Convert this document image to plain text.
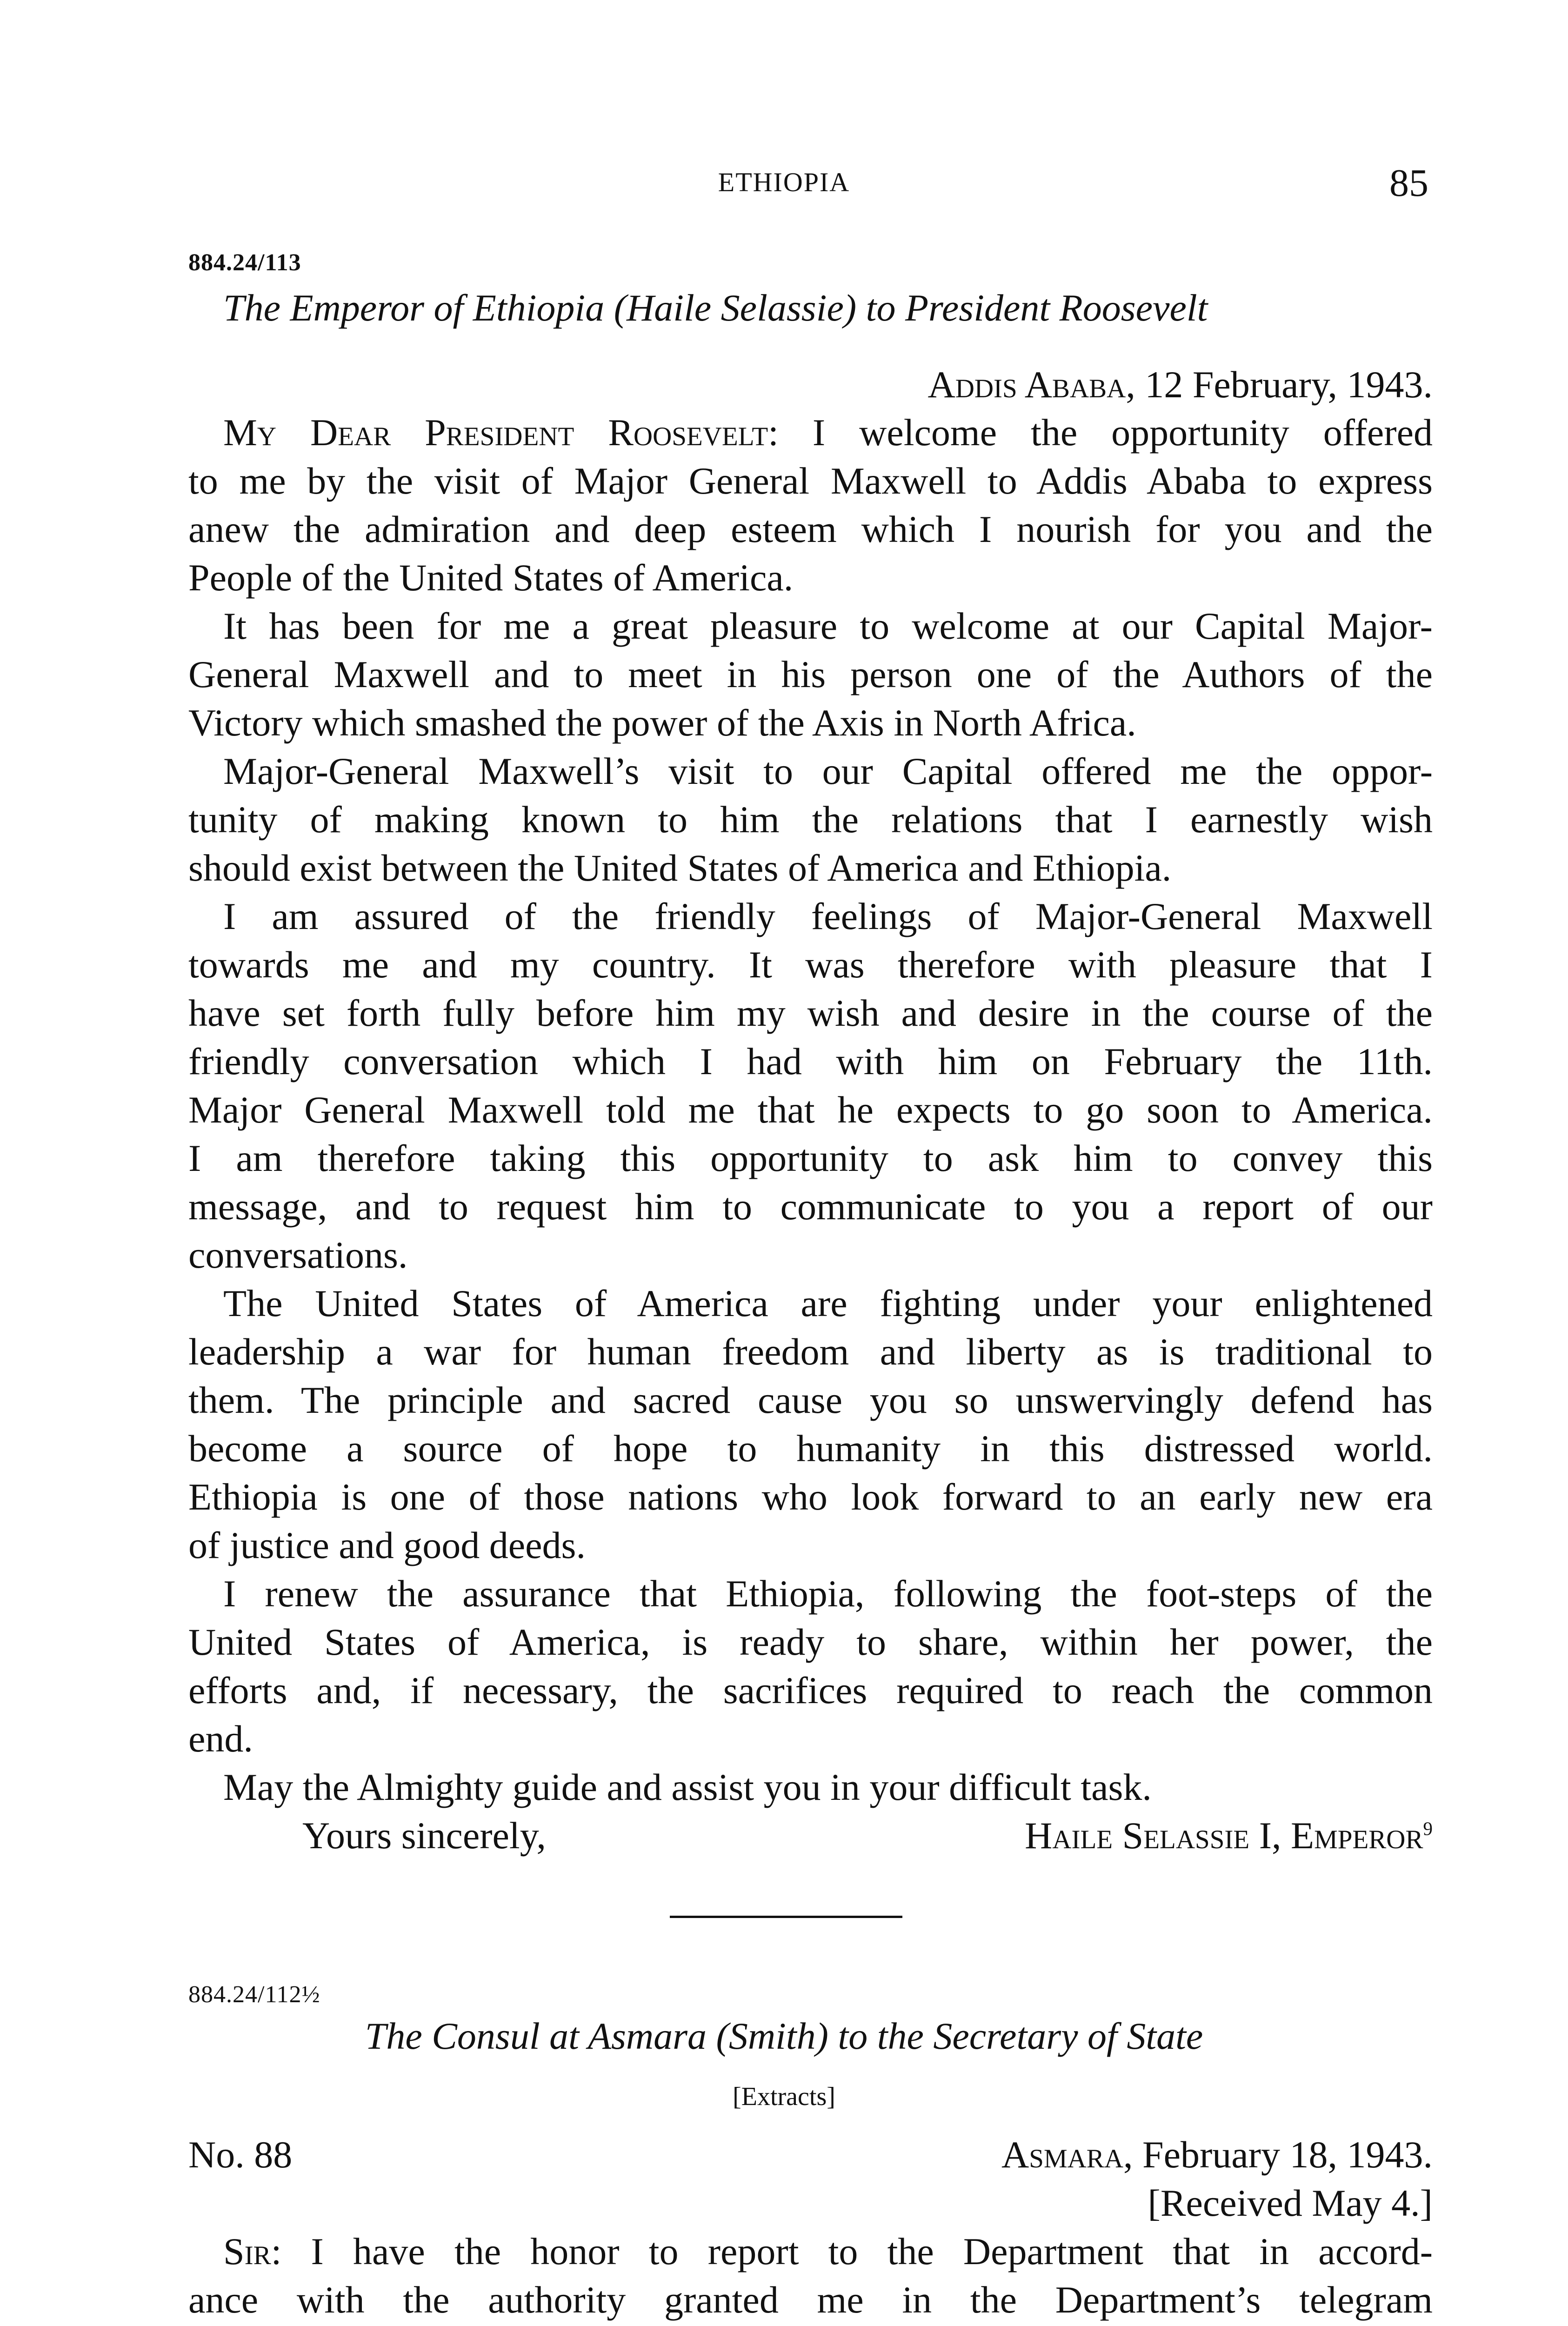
ETHIOPIA	85
884.24/113
The Emperor of Ethiopia (Haile Selassie) to President Roosevelt
Addis Ababa, 12 February, 1943.
My Dear President Roosevelt: I welcome the opportunity offered
to me by the visit of Major General Maxwell to Addis Ababa to express
anew the admiration and deep esteem which I nourish for you and the
People of the United States of America.
It has been for me a great pleasure to welcome at our Capital Major-
General Maxwell and to meet in his person one of the Authors of the
Victory which smashed the power of the Axis in North Africa.
Major-General Maxwell’s visit to our Capital offered me the oppor-
tunity of making known to him the relations that I earnestly wish
should exist between the United States of America and Ethiopia.
I am assured of the friendly feelings of Major-General Maxwell
towards me and my country. It was therefore with pleasure that I
have set forth fully before him my wish and desire in the course of the
friendly conversation which I had with him on February the 11th.
Major General Maxwell told me that he expects to go soon to America.
I am therefore taking this opportunity to ask him to convey this
message, and to request him to communicate to you a report of our
conversations.
The United States of America are fighting under your enlightened
leadership a war for human freedom and liberty as is traditional to
them. The principle and sacred cause you so unswervingly defend has
become a source of hope to humanity in this distressed world.
Ethiopia is one of those nations who look forward to an early new era
of justice and good deeds.
I renew the assurance that Ethiopia, following the foot-steps of the
United States of America, is ready to share, within her power, the
efforts and, if necessary, the sacrifices required to reach the common
end.
May the Almighty guide and assist you in your difficult task.
Yours sincerely,	Haile Selassie I, Emperor$^9$
884.24/112½
The Consul at Asmara (Smith) to the Secretary of State
[Extracts]
No. 88	Asmara, February 18, 1943.
[Received May 4.]
Sir: I have the honor to report to the Department that in accord-
ance with the authority granted me in the Department’s telegram
